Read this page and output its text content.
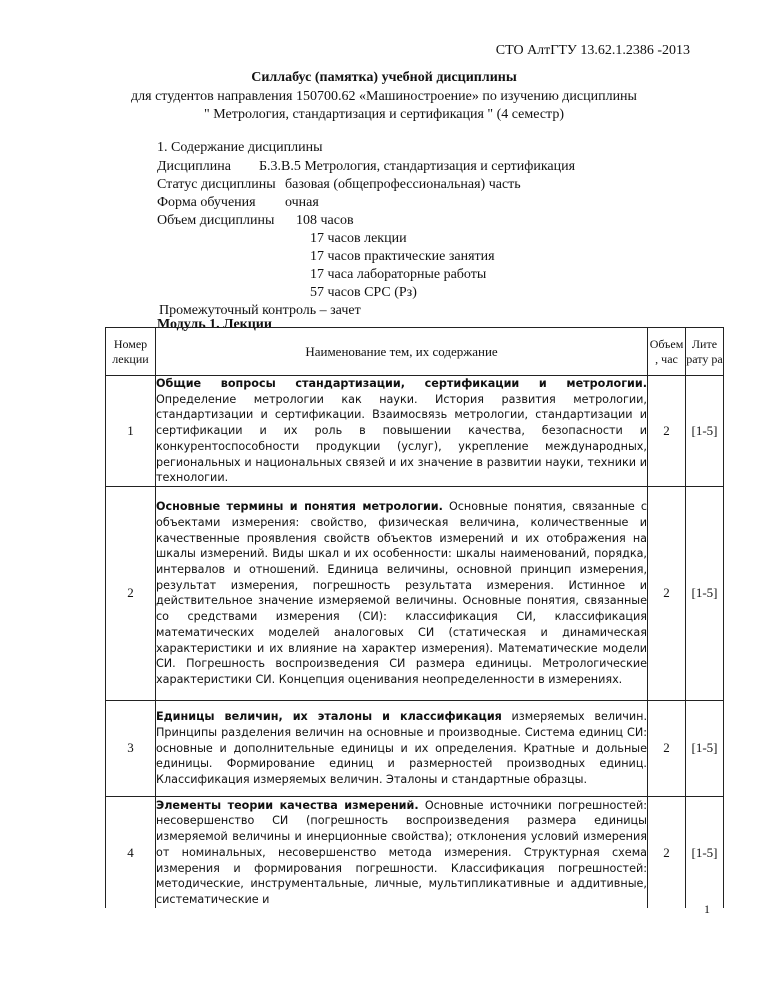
СТО АлтГТУ 13.62.1.2386 -2013
Силлабус (памятка) учебной дисциплины
для студентов направления 150700.62 «Машиностроение» по изучению дисциплины
" Метрология, стандартизация и сертификация " (4 семестр)
1. Содержание дисциплины
Дисциплина Б.3.В.5 Метрология, стандартизация и сертификация
Статус дисциплины базовая (общепрофессиональная) часть
Форма обучения очная
Объем дисциплины 108 часов
17 часов лекции
17 часов практические занятия
17 часа лабораторные работы
57 часов СРС (Рз)
Промежуточный контроль – зачет
Модуль 1. Лекции
Номер лекции	Наименование тем, их содержание	Объем , час	Лите рату ра
1	Общие вопросы стандартизации, сертификации и метрологии. Определение метрологии как науки. История развития метрологии, стандартизации и сертификации. Взаимосвязь метрологии, стандартизации и сертификации и их роль в повышении качества, безопасности и конкурентоспособности продукции (услуг), укрепление международных, региональных и национальных связей и их значение в развитии науки, техники и технологии.	2	[1-5]
2	Основные термины и понятия метрологии. Основные понятия, связанные с объектами измерения: свойство, физическая величина, количественные и качественные проявления свойств объектов измерений и их отображения на шкалы измерений. Виды шкал и их особенности: шкалы наименований, порядка, интервалов и отношений. Единица величины, основной принцип измерения, результат измерения, погрешность результата измерения. Истинное и действительное значение измеряемой величины. Основные понятия, связанные со средствами измерения (СИ): классификация СИ, классификация математических моделей аналоговых СИ (статическая и динамическая характеристики и их влияние на характер измерения). Математические модели СИ. Погрешность воспроизведения СИ размера единицы. Метрологические характеристики СИ. Концепция оценивания неопределенности в измерениях.	2	[1-5]
3	Единицы величин, их эталоны и классификация измеряемых величин. Принципы разделения величин на основные и производные. Система единиц СИ: основные и дополнительные единицы и их определения. Кратные и дольные единицы. Формирование единиц и размерностей производных единиц. Классификация измеряемых величин. Эталоны и стандартные образцы.	2	[1-5]
4	Элементы теории качества измерений. Основные источники погрешностей: несовершенство СИ (погрешность воспроизведения размера единицы измеряемой величины и инерционные свойства); отклонения условий измерения от номинальных, несовершенство метода измерения. Структурная схема измерения и формирования погрешности. Классификация погрешностей: методические, инструментальные, личные, мультипликативные и аддитивные, систематические и	2	[1-5]
1
